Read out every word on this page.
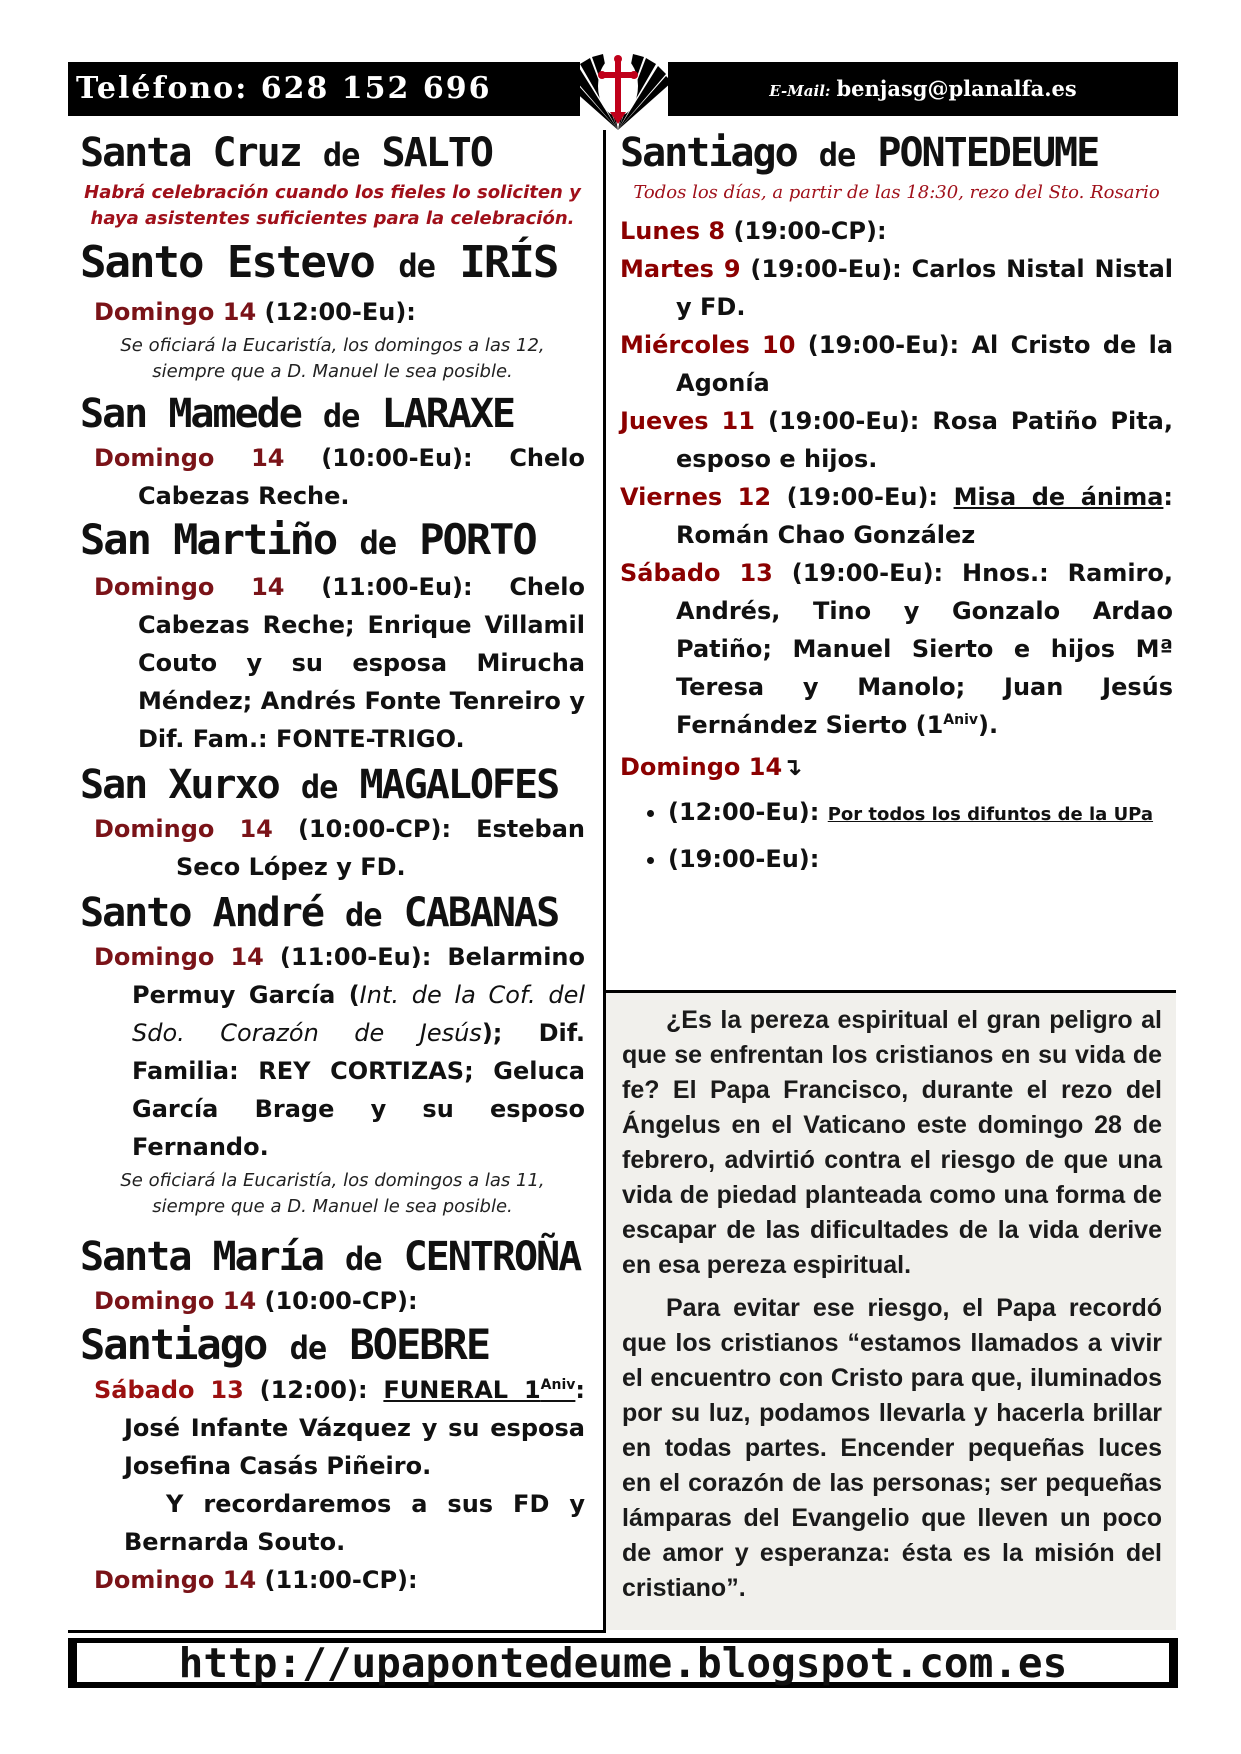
Teléfono: 628 152 696	E-Mail: benjasg@planalfa.es
Santa Cruz de SALTO
Habrá celebración cuando los fieles lo soliciten y haya asistentes suficientes para la celebración.
Santo Estevo de IRÍS

Domingo 14 (12:00-Eu):

Se oficiará la Eucaristía, los domingos a las 12,
siempre que a D. Manuel le sea posible.
San Mamede de LARAXE

Domingo 14 (10:00-Eu): Chelo Cabezas Reche.

San Martiño de PORTO

Domingo 14 (11:00-Eu): Chelo Cabezas Reche; Enrique Villamil Couto y su esposa Mirucha Méndez; Andrés Fonte Tenreiro y Dif. Fam.: FONTE-TRIGO.

San Xurxo de MAGALOFES

Domingo 14 (10:00-CP): Esteban Seco López y FD.

Santo André de CABANAS

Domingo 14 (11:00-Eu): Belarmino Permuy García (Int. de la Cof. del Sdo. Corazón de Jesús); Dif. Familia: REY CORTIZAS; Geluca García Brage y su esposo Fernando.

Se oficiará la Eucaristía, los domingos a las 11,
siempre que a D. Manuel le sea posible.
Santa María de CENTROÑA

Domingo 14 (10:00-CP):

Santiago de BOEBRE

Sábado 13 (12:00): FUNERAL $1^{Aniv}$: José Infante Vázquez y su esposa Josefina Casás Piñeiro.

Y recordaremos a sus FD y Bernarda Souto.

Domingo 14 (11:00-CP):

Santiago de PONTEDEUME
Todos los días, a partir de las 18:30, rezo del Sto. Rosario

Lunes 8 (19:00-CP):

Martes 9 (19:00-Eu): Carlos Nistal Nistal y FD.

Miércoles 10 (19:00-Eu): Al Cristo de la Agonía

Jueves 11 (19:00-Eu): Rosa Patiño Pita, esposo e hijos.

Viernes 12 (19:00-Eu): Misa de ánima: Román Chao González

Sábado 13 (19:00-Eu): Hnos.: Ramiro, Andrés, Tino y Gonzalo Ardao Patiño; Manuel Sierto e hijos Mª Teresa y Manolo; Juan Jesús Fernández Sierto $(1^{Aniv})$.

Domingo 14↴

• (12:00-Eu): Por todos los difuntos de la UPa
• (19:00-Eu):

¿Es la pereza espiritual el gran peligro al que se enfrentan los cristianos en su vida de fe? El Papa Francisco, durante el rezo del Ángelus en el Vaticano este domingo 28 de febrero, advirtió contra el riesgo de que una vida de piedad planteada como una forma de escapar de las dificultades de la vida derive en esa pereza espiritual.

Para evitar ese riesgo, el Papa recordó que los cristianos “estamos llamados a vivir el encuentro con Cristo para que, iluminados por su luz, podamos llevarla y hacerla brillar en todas partes. Encender pequeñas luces en el corazón de las personas; ser pequeñas lámparas del Evangelio que lleven un poco de amor y esperanza: ésta es la misión del cristiano”.

http://upapontedeume.blogspot.com.es
